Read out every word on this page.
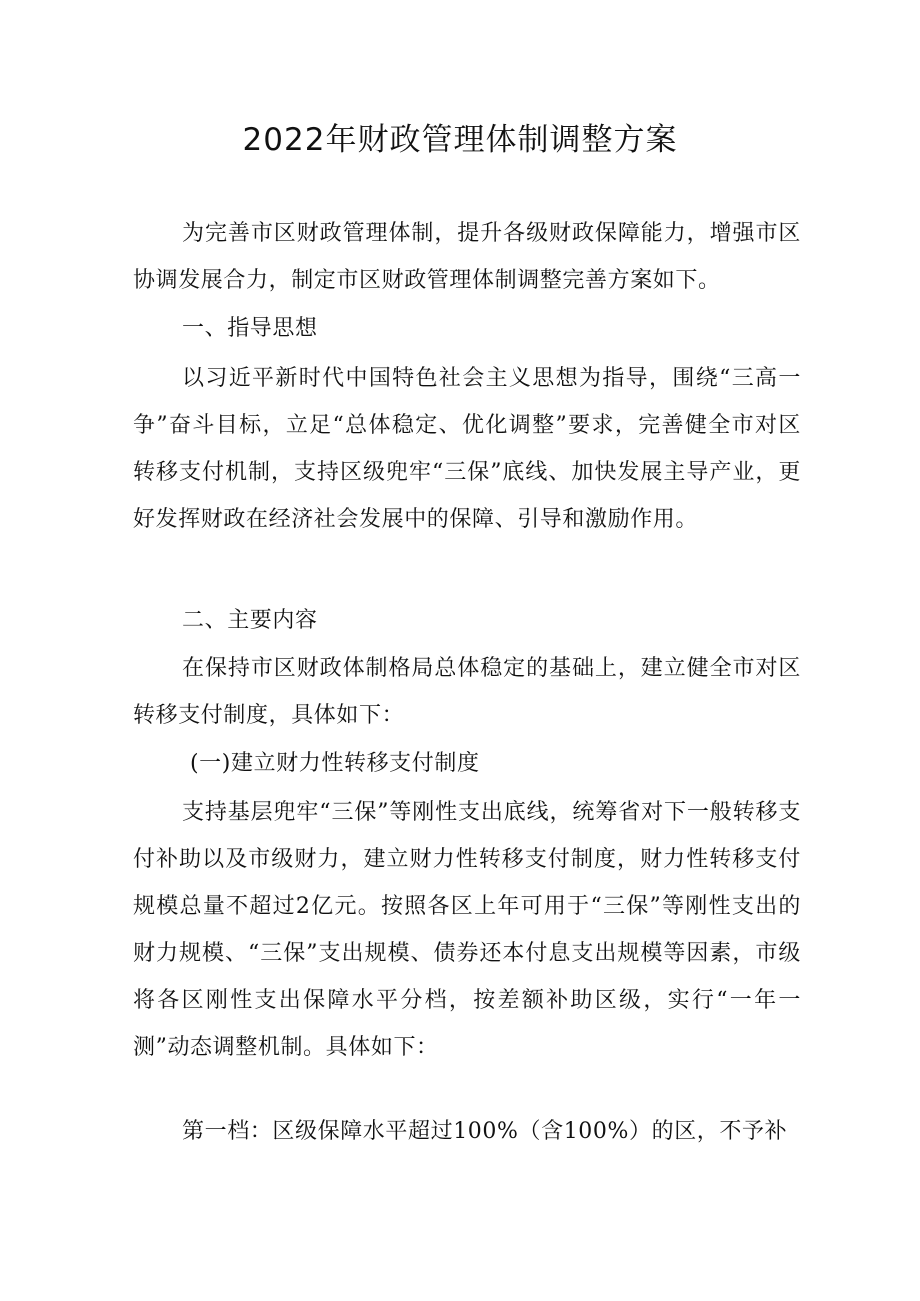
2022年财政管理体制调整方案
为完善市区财政管理体制，提升各级财政保障能力，增强市区协调发展合力，制定市区财政管理体制调整完善方案如下。
一、指导思想
以习近平新时代中国特色社会主义思想为指导，围绕“三高一争”奋斗目标，立足“总体稳定、优化调整”要求，完善健全市对区转移支付机制，支持区级兜牢“三保”底线、加快发展主导产业，更好发挥财政在经济社会发展中的保障、引导和激励作用。
二、主要内容
在保持市区财政体制格局总体稳定的基础上，建立健全市对区转移支付制度，具体如下：
(一)建立财力性转移支付制度
支持基层兜牢“三保”等刚性支出底线，统筹省对下一般转移支付补助以及市级财力，建立财力性转移支付制度，财力性转移支付规模总量不超过2亿元。按照各区上年可用于“三保”等刚性支出的财力规模、“三保”支出规模、债券还本付息支出规模等因素，市级将各区刚性支出保障水平分档，按差额补助区级，实行“一年一测”动态调整机制。具体如下：
第一档：区级保障水平超过100%（含100%）的区，不予补
